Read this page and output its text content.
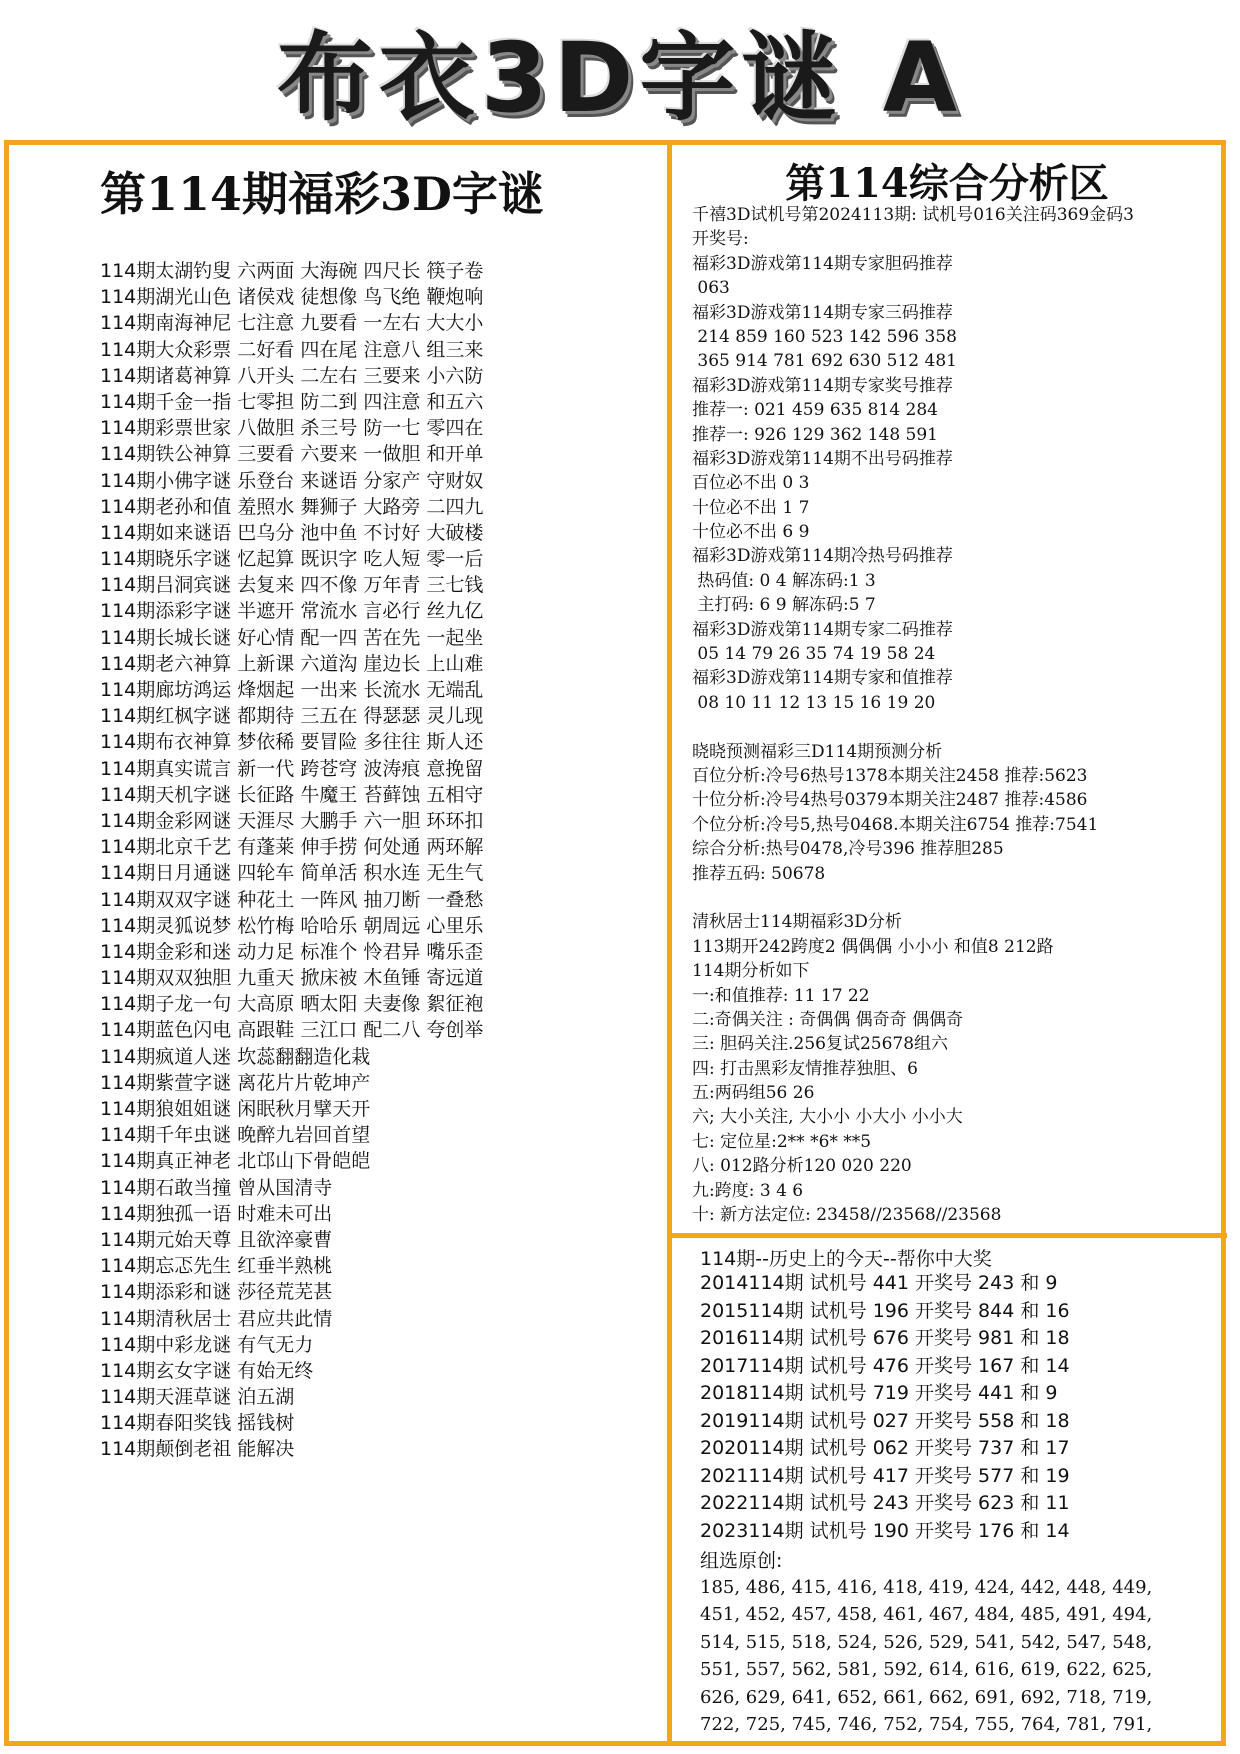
布衣3D字谜 A
第114期福彩3D字谜
114期太湖钓叟 六两面 大海碗 四尺长 筷子卷
114期湖光山色 诸侯戏 徒想像 鸟飞绝 鞭炮响
114期南海神尼 七注意 九要看 一左右 大大小
114期大众彩票 二好看 四在尾 注意八 组三来
114期诸葛神算 八开头 二左右 三要来 小六防
114期千金一指 七零担 防二到 四注意 和五六
114期彩票世家 八做胆 杀三号 防一七 零四在
114期铁公神算 三要看 六要来 一做胆 和开单
114期小佛字谜 乐登台 来谜语 分家产 守财奴
114期老孙和值 羞照水 舞狮子 大路旁 二四九
114期如来谜语 巴乌分 池中鱼 不讨好 大破楼
114期晓乐字谜 忆起算 既识字 吃人短 零一后
114期吕洞宾谜 去复来 四不像 万年青 三七钱
114期添彩字谜 半遮开 常流水 言必行 丝九亿
114期长城长谜 好心情 配一四 苦在先 一起坐
114期老六神算 上新课 六道沟 崖边长 上山难
114期廊坊鸿运 烽烟起 一出来 长流水 无端乱
114期红枫字谜 都期待 三五在 得瑟瑟 灵儿现
114期布衣神算 梦依稀 要冒险 多往往 斯人还
114期真实谎言 新一代 跨苍穹 波涛痕 意挽留
114期天机字谜 长征路 牛魔王 苔藓蚀 五相守
114期金彩网谜 天涯尽 大鹏手 六一胆 环环扣
114期北京千艺 有蓬莱 伸手捞 何处通 两环解
114期日月通谜 四轮车 简单活 积水连 无生气
114期双双字谜 种花土 一阵风 抽刀断 一叠愁
114期灵狐说梦 松竹梅 哈哈乐 朝周远 心里乐
114期金彩和迷 动力足 标准个 怜君异 嘴乐歪
114期双双独胆 九重天 掀床被 木鱼锤 寄远道
114期子龙一句 大高原 晒太阳 夫妻像 絮征袍
114期蓝色闪电 高跟鞋 三江口 配二八 夸创举
114期疯道人迷 坎蕊翻翻造化栽
114期紫萱字谜 离花片片乾坤产
114期狼姐姐谜 闲眠秋月擘天开
114期千年虫谜 晚醉九岩回首望
114期真正神老 北邙山下骨皑皑
114期石敢当撞 曾从国清寺
114期独孤一语 时难未可出
114期元始天尊 且欲淬豪曹
114期忘忑先生 红垂半熟桃
114期添彩和谜 莎径荒芜甚
114期清秋居士 君应共此情
114期中彩龙谜 有气无力
114期玄女字谜 有始无终
114期天涯草谜 泊五湖
114期春阳奖钱 摇钱树
114期颠倒老祖 能解决
第114综合分析区
千禧3D试机号第2024113期: 试机号016关注码369金码3
开奖号:
福彩3D游戏第114期专家胆码推荐
063
福彩3D游戏第114期专家三码推荐
214 859 160 523 142 596 358
365 914 781 692 630 512 481
福彩3D游戏第114期专家奖号推荐
推荐一: 021 459 635 814 284
推荐一: 926 129 362 148 591
福彩3D游戏第114期不出号码推荐
百位必不出 0 3
十位必不出 1 7
十位必不出 6 9
福彩3D游戏第114期冷热号码推荐
热码值: 0 4 解冻码:1 3
主打码: 6 9 解冻码:5 7
福彩3D游戏第114期专家二码推荐
05 14 79 26 35 74 19 58 24
福彩3D游戏第114期专家和值推荐
08 10 11 12 13 15 16 19 20
晓晓预测福彩三D114期预测分析
百位分析:冷号6热号1378本期关注2458 推荐:5623
十位分析:冷号4热号0379本期关注2487 推荐:4586
个位分析:冷号5,热号0468.本期关注6754 推荐:7541
综合分析:热号0478,冷号396 推荐胆285
推荐五码: 50678
清秋居士114期福彩3D分析
113期开242跨度2 偶偶偶 小小小 和值8 212路
114期分析如下
一:和值推荐: 11 17 22
二:奇偶关注 : 奇偶偶 偶奇奇 偶偶奇
三: 胆码关注.256复试25678组六
四: 打击黑彩友情推荐独胆、6
五:两码组56 26
六; 大小关注, 大小小 小大小 小小大
七: 定位星:2** *6* **5
八: 012路分析120 020 220
九:跨度: 3 4 6
十: 新方法定位: 23458//23568//23568
114期--历史上的今天--帮你中大奖
2014114期 试机号 441 开奖号 243 和 9
2015114期 试机号 196 开奖号 844 和 16
2016114期 试机号 676 开奖号 981 和 18
2017114期 试机号 476 开奖号 167 和 14
2018114期 试机号 719 开奖号 441 和 9
2019114期 试机号 027 开奖号 558 和 18
2020114期 试机号 062 开奖号 737 和 17
2021114期 试机号 417 开奖号 577 和 19
2022114期 试机号 243 开奖号 623 和 11
2023114期 试机号 190 开奖号 176 和 14
组选原创:
185, 486, 415, 416, 418, 419, 424, 442, 448, 449,
451, 452, 457, 458, 461, 467, 484, 485, 491, 494,
514, 515, 518, 524, 526, 529, 541, 542, 547, 548,
551, 557, 562, 581, 592, 614, 616, 619, 622, 625,
626, 629, 641, 652, 661, 662, 691, 692, 718, 719,
722, 725, 745, 746, 752, 754, 755, 764, 781, 791,
